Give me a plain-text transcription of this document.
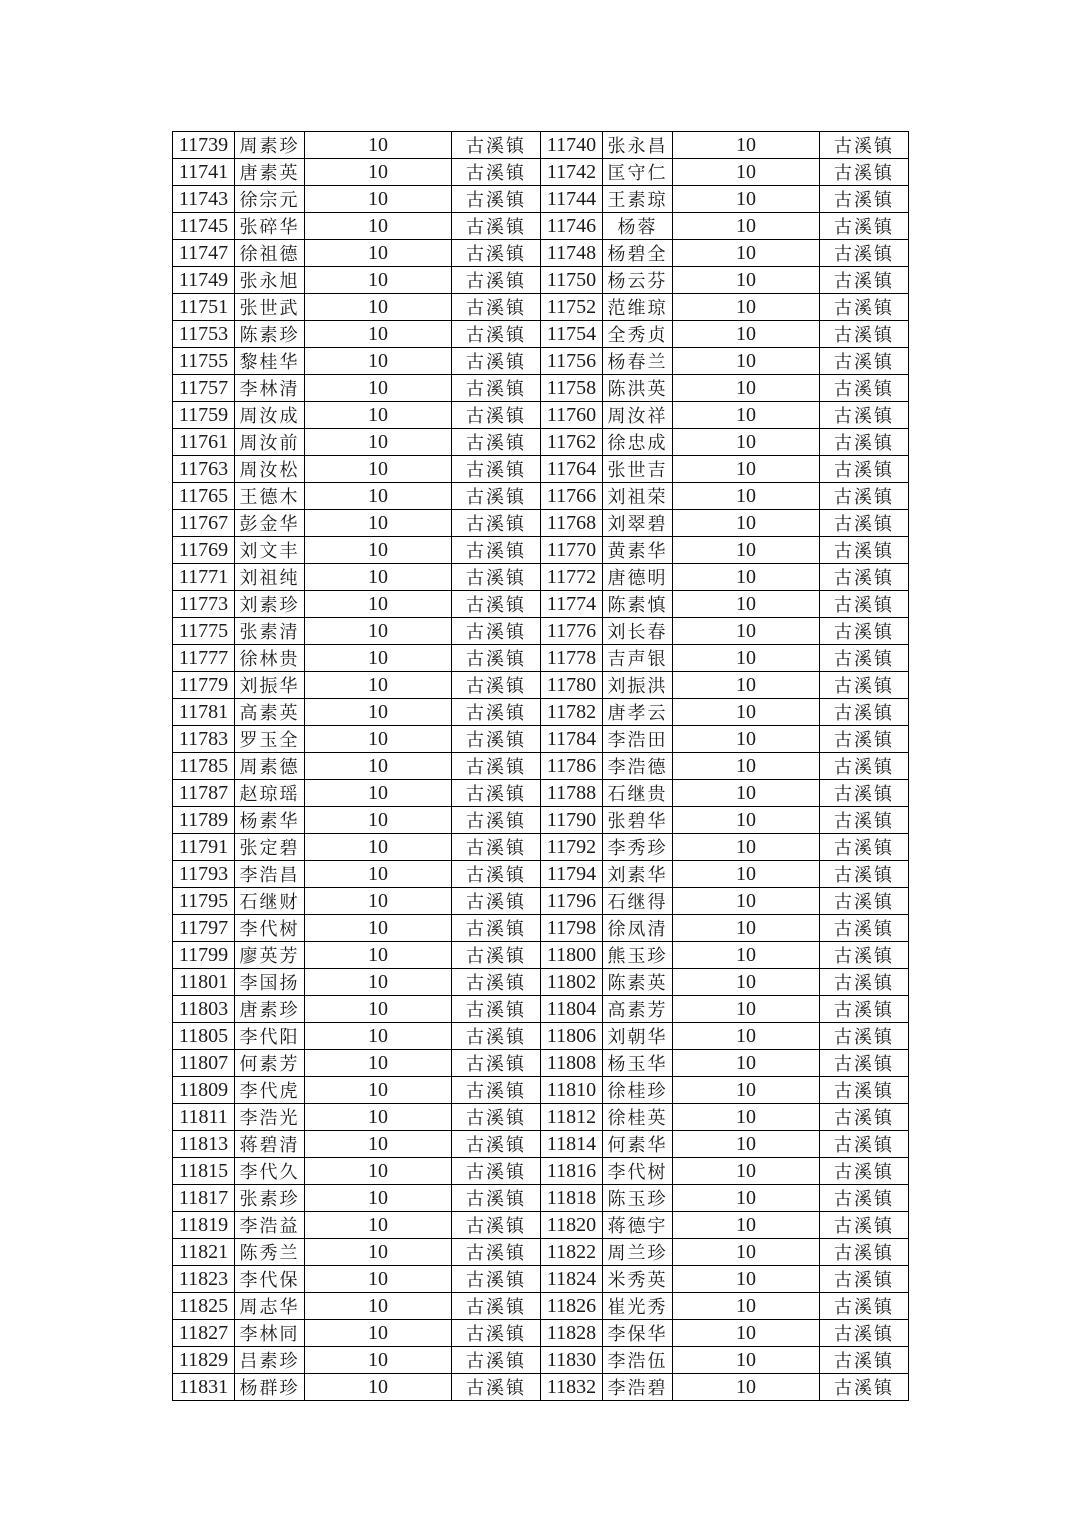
11739	周素珍	10	古溪镇	11740	张永昌	10	古溪镇
11741	唐素英	10	古溪镇	11742	匡守仁	10	古溪镇
11743	徐宗元	10	古溪镇	11744	王素琼	10	古溪镇
11745	张碎华	10	古溪镇	11746	杨蓉	10	古溪镇
11747	徐祖德	10	古溪镇	11748	杨碧全	10	古溪镇
11749	张永旭	10	古溪镇	11750	杨云芬	10	古溪镇
11751	张世武	10	古溪镇	11752	范维琼	10	古溪镇
11753	陈素珍	10	古溪镇	11754	全秀贞	10	古溪镇
11755	黎桂华	10	古溪镇	11756	杨春兰	10	古溪镇
11757	李林清	10	古溪镇	11758	陈洪英	10	古溪镇
11759	周汝成	10	古溪镇	11760	周汝祥	10	古溪镇
11761	周汝前	10	古溪镇	11762	徐忠成	10	古溪镇
11763	周汝松	10	古溪镇	11764	张世吉	10	古溪镇
11765	王德木	10	古溪镇	11766	刘祖荣	10	古溪镇
11767	彭金华	10	古溪镇	11768	刘翠碧	10	古溪镇
11769	刘文丰	10	古溪镇	11770	黄素华	10	古溪镇
11771	刘祖纯	10	古溪镇	11772	唐德明	10	古溪镇
11773	刘素珍	10	古溪镇	11774	陈素慎	10	古溪镇
11775	张素清	10	古溪镇	11776	刘长春	10	古溪镇
11777	徐林贵	10	古溪镇	11778	吉声银	10	古溪镇
11779	刘振华	10	古溪镇	11780	刘振洪	10	古溪镇
11781	高素英	10	古溪镇	11782	唐孝云	10	古溪镇
11783	罗玉全	10	古溪镇	11784	李浩田	10	古溪镇
11785	周素德	10	古溪镇	11786	李浩德	10	古溪镇
11787	赵琼瑶	10	古溪镇	11788	石继贵	10	古溪镇
11789	杨素华	10	古溪镇	11790	张碧华	10	古溪镇
11791	张定碧	10	古溪镇	11792	李秀珍	10	古溪镇
11793	李浩昌	10	古溪镇	11794	刘素华	10	古溪镇
11795	石继财	10	古溪镇	11796	石继得	10	古溪镇
11797	李代树	10	古溪镇	11798	徐凤清	10	古溪镇
11799	廖英芳	10	古溪镇	11800	熊玉珍	10	古溪镇
11801	李国扬	10	古溪镇	11802	陈素英	10	古溪镇
11803	唐素珍	10	古溪镇	11804	高素芳	10	古溪镇
11805	李代阳	10	古溪镇	11806	刘朝华	10	古溪镇
11807	何素芳	10	古溪镇	11808	杨玉华	10	古溪镇
11809	李代虎	10	古溪镇	11810	徐桂珍	10	古溪镇
11811	李浩光	10	古溪镇	11812	徐桂英	10	古溪镇
11813	蒋碧清	10	古溪镇	11814	何素华	10	古溪镇
11815	李代久	10	古溪镇	11816	李代树	10	古溪镇
11817	张素珍	10	古溪镇	11818	陈玉珍	10	古溪镇
11819	李浩益	10	古溪镇	11820	蒋德宇	10	古溪镇
11821	陈秀兰	10	古溪镇	11822	周兰珍	10	古溪镇
11823	李代保	10	古溪镇	11824	米秀英	10	古溪镇
11825	周志华	10	古溪镇	11826	崔光秀	10	古溪镇
11827	李林同	10	古溪镇	11828	李保华	10	古溪镇
11829	吕素珍	10	古溪镇	11830	李浩伍	10	古溪镇
11831	杨群珍	10	古溪镇	11832	李浩碧	10	古溪镇
